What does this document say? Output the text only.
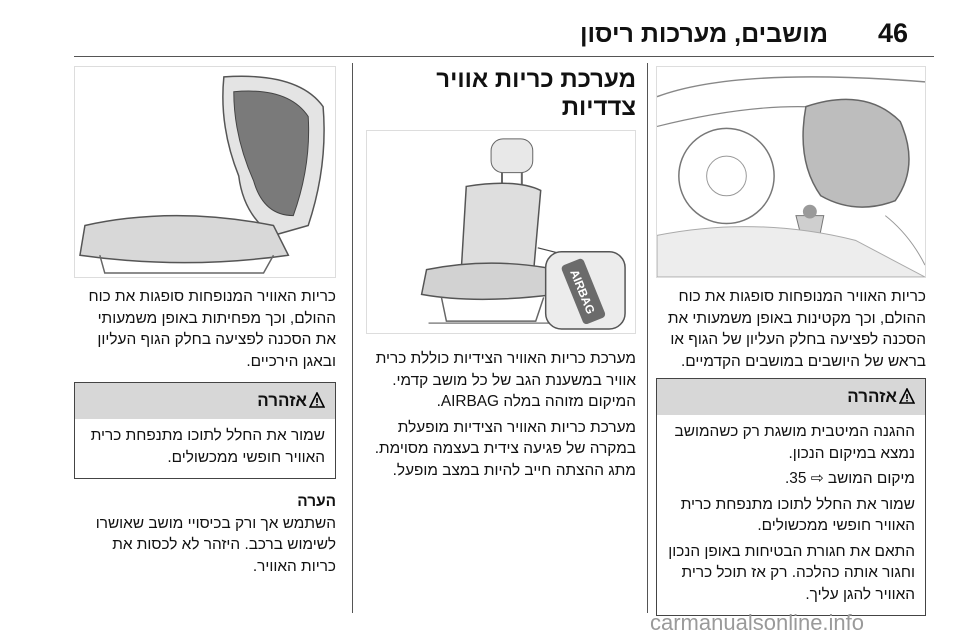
46
מושבים, מערכות ריסון

כריות האוויר המנופחות סופגות את כוח

ההולם, וכך מקטינות באופן משמעותי את

הסכנה לפציעה בחלק העליון של הגוף או

בראש של היושבים במושבים הקדמיים.

אזהרה

ההגנה המיטבית מושגת רק כשהמושב נמצא במיקום הנכון.

מיקום המושב ⇨ 35.

שמור את החלל לתוכו מתנפחת כרית האוויר חופשי ממכשולים.

התאם את חגורת הבטיחות באופן הנכון וחגור אותה כהלכה. רק אז תוכל כרית האוויר להגן עליך.

מערכת כריות אוויר צדדיות
AIRBAG

מערכת כריות האוויר הצידיות כוללת כרית אוויר במשענת הגב של כל מושב קדמי. המיקום מזוהה במלה AIRBAG.

מערכת כריות האוויר הצידיות מופעלת במקרה של פגיעה צידית בעצמה מסוימת. מתג ההצתה חייב להיות במצב מופעל.

כריות האוויר המנופחות סופגות את כוח ההולם, וכך מפחיתות באופן משמעותי את הסכנה לפציעה בחלק הגוף העליון ובאגן הירכיים.

אזהרה

שמור את החלל לתוכו מתנפחת כרית האוויר חופשי ממכשולים.

הערה

השתמש אך ורק בכיסויי מושב שאושרו לשימוש ברכב. היזהר לא לכסות את כריות האוויר.

carmanualsonline.info
